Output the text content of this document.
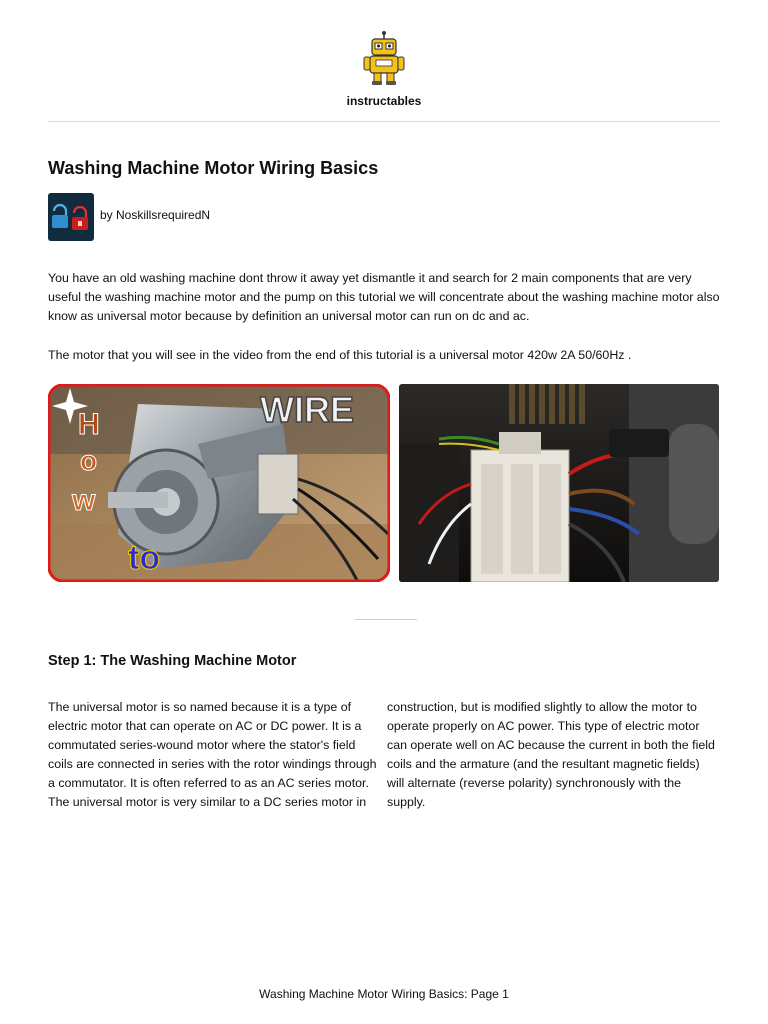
instructables
Washing Machine Motor Wiring Basics
by NoskillsrequiredN

You have an old washing machine dont throw it away yet dismantle it and search for 2 main components that are very useful the washing machine motor and the pump on this tutorial we will concentrate about the washing machine motor also know as universal motor because by definition an universal motor can run on dc and ac.

The motor that you will see in the video from the end of this tutorial is a universal motor 420w 2A 50/60Hz .

H
o
w
to
WIRE
Step 1: The Washing Machine Motor

The universal motor is so named because it is a type of electric motor that can operate on AC or DC power. It is a commutated series-wound motor where the stator's field coils are connected in series with the rotor windings through a commutator. It is often referred to as an AC series motor. The universal motor is very similar to a DC series motor in

construction, but is modified slightly to allow the motor to operate properly on AC power. This type of electric motor can operate well on AC because the current in both the field coils and the armature (and the resultant magnetic fields) will alternate (reverse polarity) synchronously with the supply.

Washing Machine Motor Wiring Basics: Page 1
